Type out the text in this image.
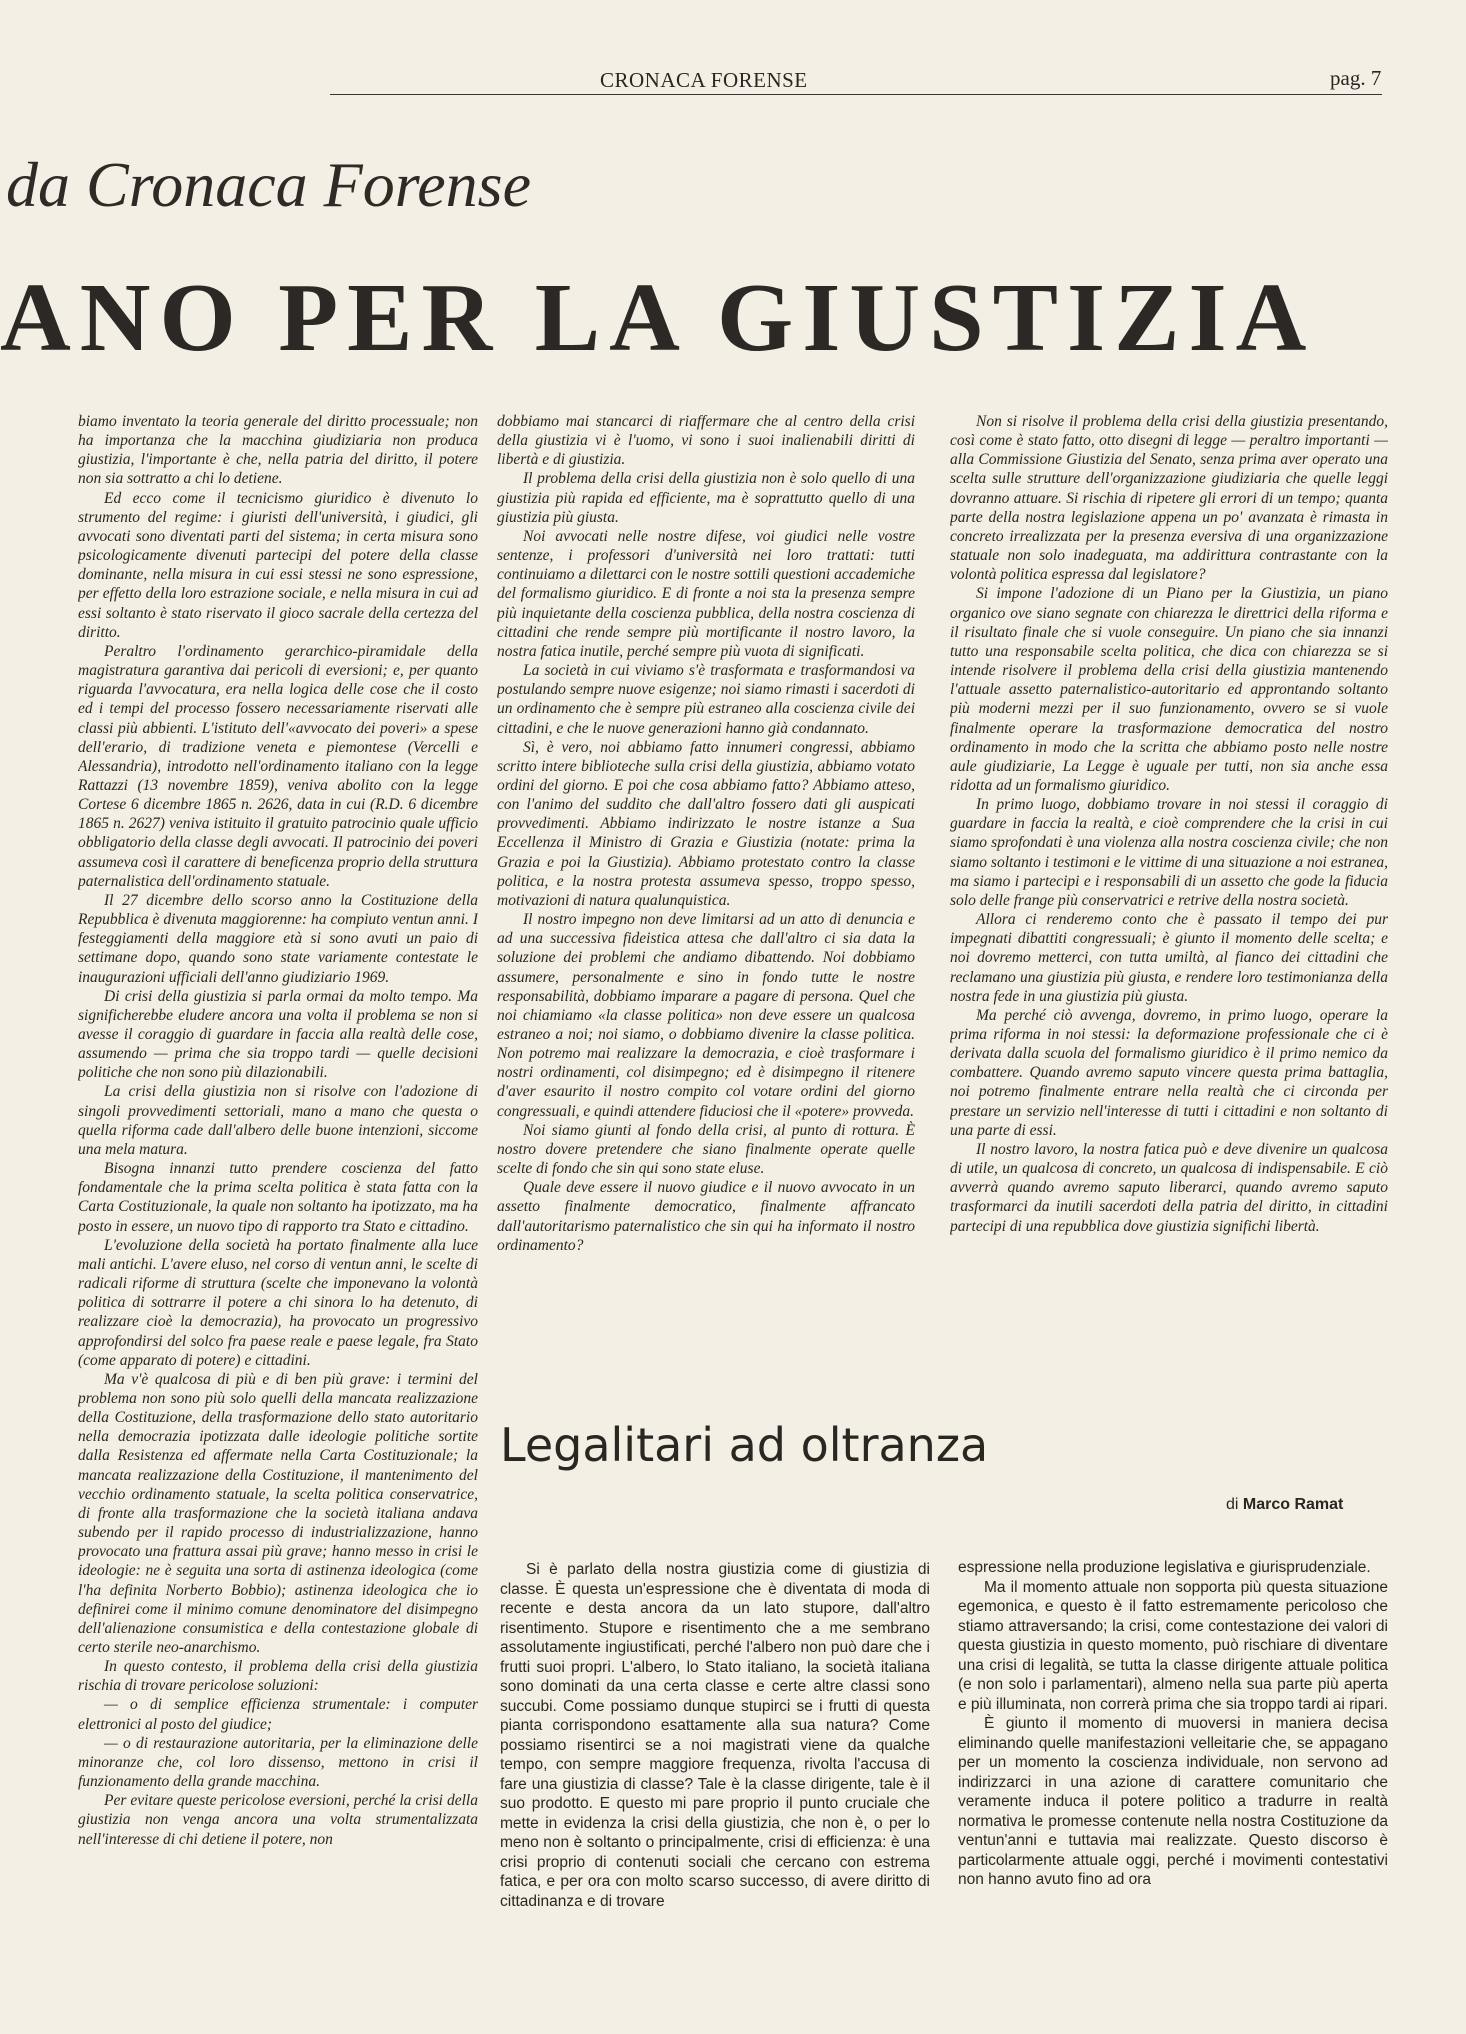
CRONACA FORENSE	pag. 7
da Cronaca Forense
ANO PER LA GIUSTIZIA

biamo inventato la teoria generale del diritto processuale; non ha importanza che la macchina giudiziaria non produca giustizia, l'importante è che, nella patria del diritto, il potere non sia sottratto a chi lo detiene.

Ed ecco come il tecnicismo giuridico è divenuto lo strumento del regime: i giuristi dell'università, i giudici, gli avvocati sono diventati parti del sistema; in certa misura sono psicologicamente divenuti partecipi del potere della classe dominante, nella misura in cui essi stessi ne sono espressione, per effetto della loro estrazione sociale, e nella misura in cui ad essi soltanto è stato riservato il gioco sacrale della certezza del diritto.

Peraltro l'ordinamento gerarchico-piramidale della magistratura garantiva dai pericoli di eversioni; e, per quanto riguarda l'avvocatura, era nella logica delle cose che il costo ed i tempi del processo fossero necessariamente riservati alle classi più abbienti. L'istituto dell'«avvocato dei poveri» a spese dell'erario, di tradizione veneta e piemontese (Vercelli e Alessandria), introdotto nell'ordinamento italiano con la legge Rattazzi (13 novembre 1859), veniva abolito con la legge Cortese 6 dicembre 1865 n. 2626, data in cui (R.D. 6 dicembre 1865 n. 2627) veniva istituito il gratuito patrocinio quale ufficio obbligatorio della classe degli avvocati. Il patrocinio dei poveri assumeva così il carattere di beneficenza proprio della struttura paternalistica dell'ordinamento statuale.

Il 27 dicembre dello scorso anno la Costituzione della Repubblica è divenuta maggiorenne: ha compiuto ventun anni. I festeggiamenti della maggiore età si sono avuti un paio di settimane dopo, quando sono state variamente contestate le inaugurazioni ufficiali dell'anno giudiziario 1969.

Di crisi della giustizia si parla ormai da molto tempo. Ma significherebbe eludere ancora una volta il problema se non si avesse il coraggio di guardare in faccia alla realtà delle cose, assumendo — prima che sia troppo tardi — quelle decisioni politiche che non sono più dilazionabili.

La crisi della giustizia non si risolve con l'adozione di singoli provvedimenti settoriali, mano a mano che questa o quella riforma cade dall'albero delle buone intenzioni, siccome una mela matura.

Bisogna innanzi tutto prendere coscienza del fatto fondamentale che la prima scelta politica è stata fatta con la Carta Costituzionale, la quale non soltanto ha ipotizzato, ma ha posto in essere, un nuovo tipo di rapporto tra Stato e cittadino.

L'evoluzione della società ha portato finalmente alla luce mali antichi. L'avere eluso, nel corso di ventun anni, le scelte di radicali riforme di struttura (scelte che imponevano la volontà politica di sottrarre il potere a chi sinora lo ha detenuto, di realizzare cioè la democrazia), ha provocato un progressivo approfondirsi del solco fra paese reale e paese legale, fra Stato (come apparato di potere) e cittadini.

Ma v'è qualcosa di più e di ben più grave: i termini del problema non sono più solo quelli della mancata realizzazione della Costituzione, della trasformazione dello stato autoritario nella democrazia ipotizzata dalle ideologie politiche sortite dalla Resistenza ed affermate nella Carta Costituzionale; la mancata realizzazione della Costituzione, il mantenimento del vecchio ordinamento statuale, la scelta politica conservatrice, di fronte alla trasformazione che la società italiana andava subendo per il rapido processo di industrializzazione, hanno provocato una frattura assai più grave; hanno messo in crisi le ideologie: ne è seguita una sorta di astinenza ideologica (come l'ha definita Norberto Bobbio); astinenza ideologica che io definirei come il minimo comune denominatore del disimpegno dell'alienazione consumistica e della contestazione globale di certo sterile neo-anarchismo.

In questo contesto, il problema della crisi della giustizia rischia di trovare pericolose soluzioni:

— o di semplice efficienza strumentale: i computer elettronici al posto del giudice;

— o di restaurazione autoritaria, per la eliminazione delle minoranze che, col loro dissenso, mettono in crisi il funzionamento della grande macchina.

Per evitare queste pericolose eversioni, perché la crisi della giustizia non venga ancora una volta strumentalizzata nell'interesse di chi detiene il potere, non

dobbiamo mai stancarci di riaffermare che al centro della crisi della giustizia vi è l'uomo, vi sono i suoi inalienabili diritti di libertà e di giustizia.

Il problema della crisi della giustizia non è solo quello di una giustizia più rapida ed efficiente, ma è soprattutto quello di una giustizia più giusta.

Noi avvocati nelle nostre difese, voi giudici nelle vostre sentenze, i professori d'università nei loro trattati: tutti continuiamo a dilettarci con le nostre sottili questioni accademiche del formalismo giuridico. E di fronte a noi sta la presenza sempre più inquietante della coscienza pubblica, della nostra coscienza di cittadini che rende sempre più mortificante il nostro lavoro, la nostra fatica inutile, perché sempre più vuota di significati.

La società in cui viviamo s'è trasformata e trasformandosi va postulando sempre nuove esigenze; noi siamo rimasti i sacerdoti di un ordinamento che è sempre più estraneo alla coscienza civile dei cittadini, e che le nuove generazioni hanno già condannato.

Sì, è vero, noi abbiamo fatto innumeri congressi, abbiamo scritto intere biblioteche sulla crisi della giustizia, abbiamo votato ordini del giorno. E poi che cosa abbiamo fatto? Abbiamo atteso, con l'animo del suddito che dall'altro fossero dati gli auspicati provvedimenti. Abbiamo indirizzato le nostre istanze a Sua Eccellenza il Ministro di Grazia e Giustizia (notate: prima la Grazia e poi la Giustizia). Abbiamo protestato contro la classe politica, e la nostra protesta assumeva spesso, troppo spesso, motivazioni di natura qualunquistica.

Il nostro impegno non deve limitarsi ad un atto di denuncia e ad una successiva fideistica attesa che dall'altro ci sia data la soluzione dei problemi che andiamo dibattendo. Noi dobbiamo assumere, personalmente e sino in fondo tutte le nostre responsabilità, dobbiamo imparare a pagare di persona. Quel che noi chiamiamo «la classe politica» non deve essere un qualcosa estraneo a noi; noi siamo, o dobbiamo divenire la classe politica. Non potremo mai realizzare la democrazia, e cioè trasformare i nostri ordinamenti, col disimpegno; ed è disimpegno il ritenere d'aver esaurito il nostro compito col votare ordini del giorno congressuali, e quindi attendere fiduciosi che il «potere» provveda.

Noi siamo giunti al fondo della crisi, al punto di rottura. È nostro dovere pretendere che siano finalmente operate quelle scelte di fondo che sin qui sono state eluse.

Quale deve essere il nuovo giudice e il nuovo avvocato in un assetto finalmente democratico, finalmente affrancato dall'autoritarismo paternalistico che sin qui ha informato il nostro ordinamento?

Non si risolve il problema della crisi della giustizia presentando, così come è stato fatto, otto disegni di legge — peraltro importanti — alla Commissione Giustizia del Senato, senza prima aver operato una scelta sulle strutture dell'organizzazione giudiziaria che quelle leggi dovranno attuare. Si rischia di ripetere gli errori di un tempo; quanta parte della nostra legislazione appena un po' avanzata è rimasta in concreto irrealizzata per la presenza eversiva di una organizzazione statuale non solo inadeguata, ma addirittura contrastante con la volontà politica espressa dal legislatore?

Si impone l'adozione di un Piano per la Giustizia, un piano organico ove siano segnate con chiarezza le direttrici della riforma e il risultato finale che si vuole conseguire. Un piano che sia innanzi tutto una responsabile scelta politica, che dica con chiarezza se si intende risolvere il problema della crisi della giustizia mantenendo l'attuale assetto paternalistico-autoritario ed approntando soltanto più moderni mezzi per il suo funzionamento, ovvero se si vuole finalmente operare la trasformazione democratica del nostro ordinamento in modo che la scritta che abbiamo posto nelle nostre aule giudiziarie, La Legge è uguale per tutti, non sia anche essa ridotta ad un formalismo giuridico.

In primo luogo, dobbiamo trovare in noi stessi il coraggio di guardare in faccia la realtà, e cioè comprendere che la crisi in cui siamo sprofondati è una violenza alla nostra coscienza civile; che non siamo soltanto i testimoni e le vittime di una situazione a noi estranea, ma siamo i partecipi e i responsabili di un assetto che gode la fiducia solo delle frange più conservatrici e retrive della nostra società.

Allora ci renderemo conto che è passato il tempo dei pur impegnati dibattiti congressuali; è giunto il momento delle scelta; e noi dovremo metterci, con tutta umiltà, al fianco dei cittadini che reclamano una giustizia più giusta, e rendere loro testimonianza della nostra fede in una giustizia più giusta.

Ma perché ciò avvenga, dovremo, in primo luogo, operare la prima riforma in noi stessi: la deformazione professionale che ci è derivata dalla scuola del formalismo giuridico è il primo nemico da combattere. Quando avremo saputo vincere questa prima battaglia, noi potremo finalmente entrare nella realtà che ci circonda per prestare un servizio nell'interesse di tutti i cittadini e non soltanto di una parte di essi.

Il nostro lavoro, la nostra fatica può e deve divenire un qualcosa di utile, un qualcosa di concreto, un qualcosa di indispensabile. E ciò avverrà quando avremo saputo liberarci, quando avremo saputo trasformarci da inutili sacerdoti della patria del diritto, in cittadini partecipi di una repubblica dove giustizia significhi libertà.

Legalitari ad oltranza
di Marco Ramat

Si è parlato della nostra giustizia come di giustizia di classe. È questa un'espressione che è diventata di moda di recente e desta ancora da un lato stupore, dall'altro risentimento. Stupore e risentimento che a me sembrano assolutamente ingiustificati, perché l'albero non può dare che i frutti suoi propri. L'albero, lo Stato italiano, la società italiana sono dominati da una certa classe e certe altre classi sono succubi. Come possiamo dunque stupirci se i frutti di questa pianta corrispondono esattamente alla sua natura? Come possiamo risentirci se a noi magistrati viene da qualche tempo, con sempre maggiore frequenza, rivolta l'accusa di fare una giustizia di classe? Tale è la classe dirigente, tale è il suo prodotto. E questo mi pare proprio il punto cruciale che mette in evidenza la crisi della giustizia, che non è, o per lo meno non è soltanto o principalmente, crisi di efficienza: è una crisi proprio di contenuti sociali che cercano con estrema fatica, e per ora con molto scarso successo, di avere diritto di cittadinanza e di trovare

espressione nella produzione legislativa e giurisprudenziale.

Ma il momento attuale non sopporta più questa situazione egemonica, e questo è il fatto estremamente pericoloso che stiamo attraversando; la crisi, come contestazione dei valori di questa giustizia in questo momento, può rischiare di diventare una crisi di legalità, se tutta la classe dirigente attuale politica (e non solo i parlamentari), almeno nella sua parte più aperta e più illuminata, non correrà prima che sia troppo tardi ai ripari.

È giunto il momento di muoversi in maniera decisa eliminando quelle manifestazioni velleitarie che, se appagano per un momento la coscienza individuale, non servono ad indirizzarci in una azione di carattere comunitario che veramente induca il potere politico a tradurre in realtà normativa le promesse contenute nella nostra Costituzione da ventun'anni e tuttavia mai realizzate. Questo discorso è particolarmente attuale oggi, perché i movimenti contestativi non hanno avuto fino ad ora
